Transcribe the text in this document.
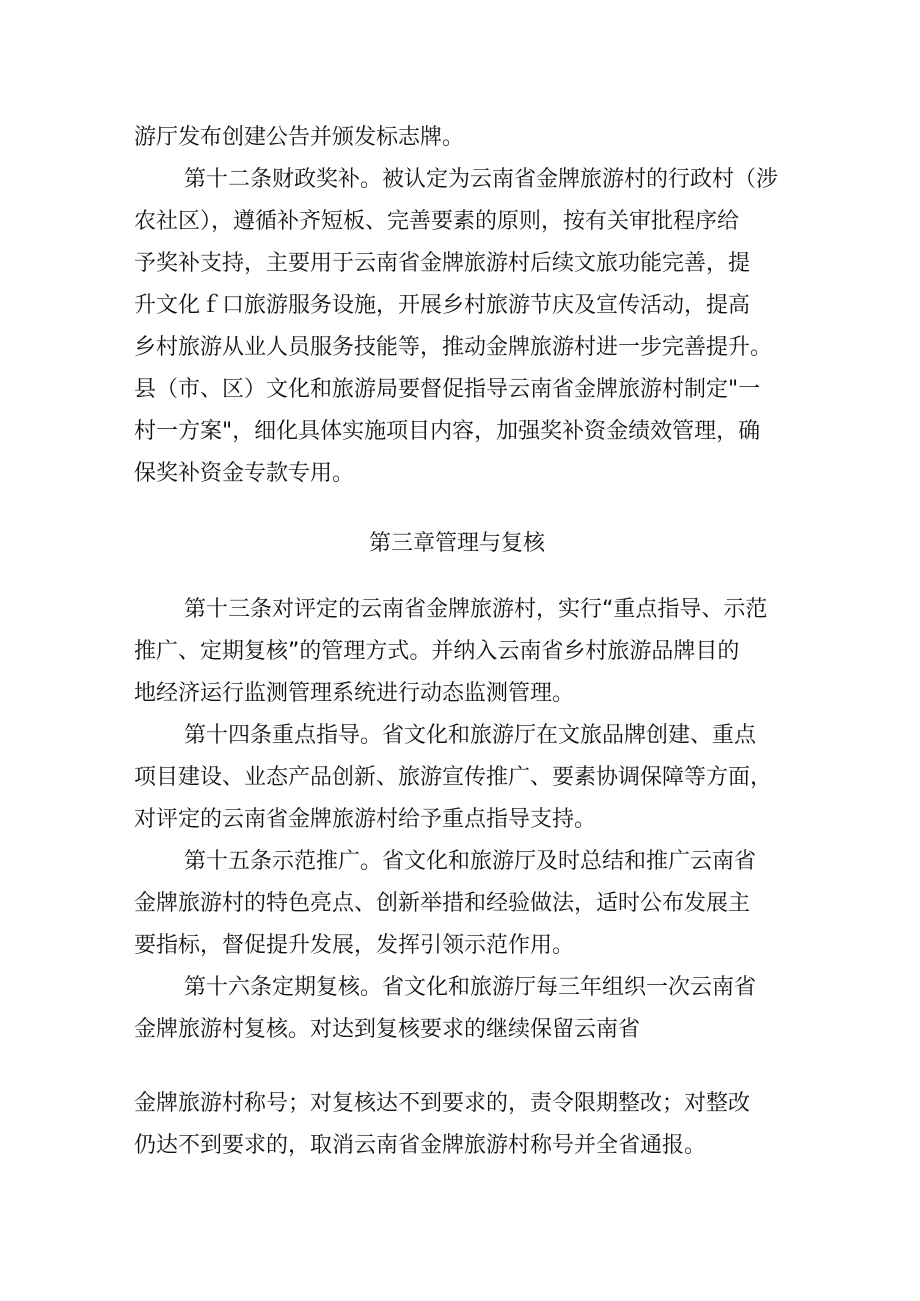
游厅发布创建公告并颁发标志牌。
第十二条财政奖补。被认定为云南省金牌旅游村的行政村（涉
农社区），遵循补齐短板、完善要素的原则，按有关审批程序给
予奖补支持，主要用于云南省金牌旅游村后续文旅功能完善，提
升文化ｆ口旅游服务设施，开展乡村旅游节庆及宣传活动，提高
乡村旅游从业人员服务技能等，推动金牌旅游村进一步完善提升。
县（市、区）文化和旅游局要督促指导云南省金牌旅游村制定"一
村一方案"，细化具体实施项目内容，加强奖补资金绩效管理，确
保奖补资金专款专用。
第三章管理与复核
第十三条对评定的云南省金牌旅游村，实行“重点指导、示范
推广、定期复核”的管理方式。并纳入云南省乡村旅游品牌目的
地经济运行监测管理系统进行动态监测管理。
第十四条重点指导。省文化和旅游厅在文旅品牌创建、重点
项目建设、业态产品创新、旅游宣传推广、要素协调保障等方面，
对评定的云南省金牌旅游村给予重点指导支持。
第十五条示范推广。省文化和旅游厅及时总结和推广云南省
金牌旅游村的特色亮点、创新举措和经验做法，适时公布发展主
要指标，督促提升发展，发挥引领示范作用。
第十六条定期复核。省文化和旅游厅每三年组织一次云南省
金牌旅游村复核。对达到复核要求的继续保留云南省
金牌旅游村称号；对复核达不到要求的，责令限期整改；对整改
仍达不到要求的，取消云南省金牌旅游村称号并全省通报。
